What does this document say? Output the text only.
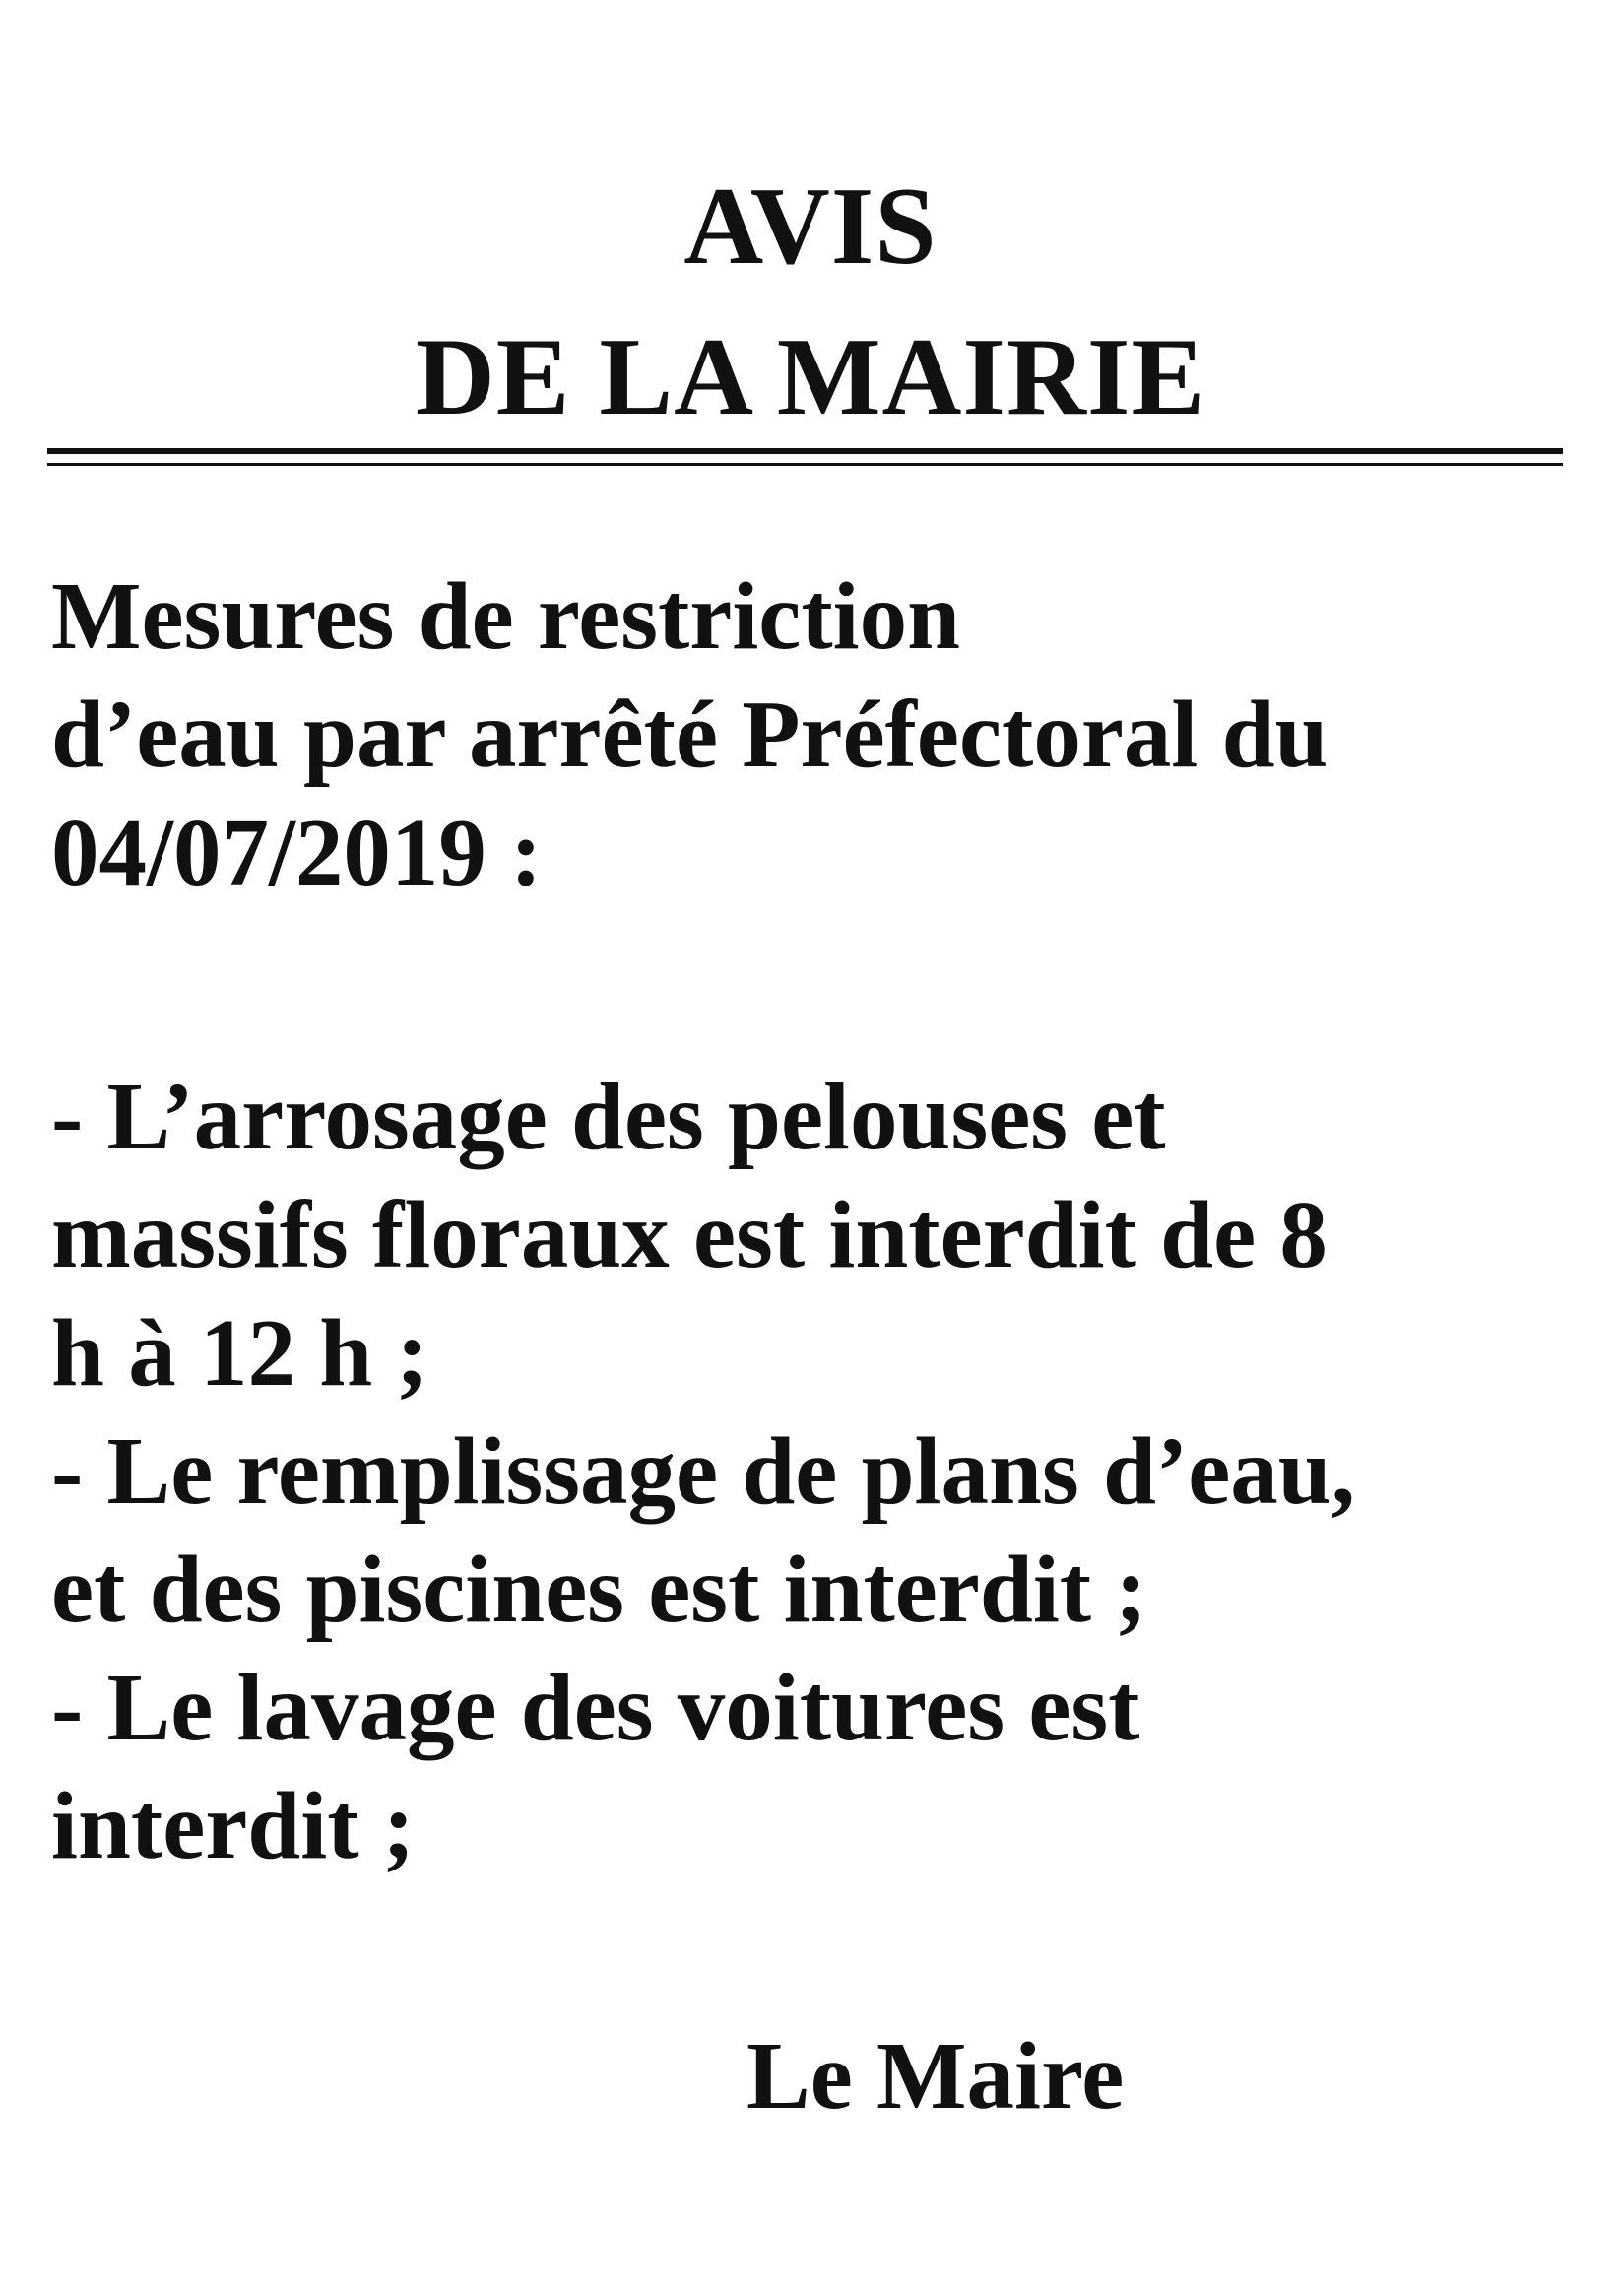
AVIS
DE LA MAIRIE
Mesures de restriction
d’eau par arrêté Préfectoral du
04/07/2019 :
- L’arrosage des pelouses et
massifs floraux est interdit de 8
h à 12 h ;
- Le remplissage de plans d’eau,
et des piscines est interdit ;
- Le lavage des voitures est
interdit ;
Le Maire
